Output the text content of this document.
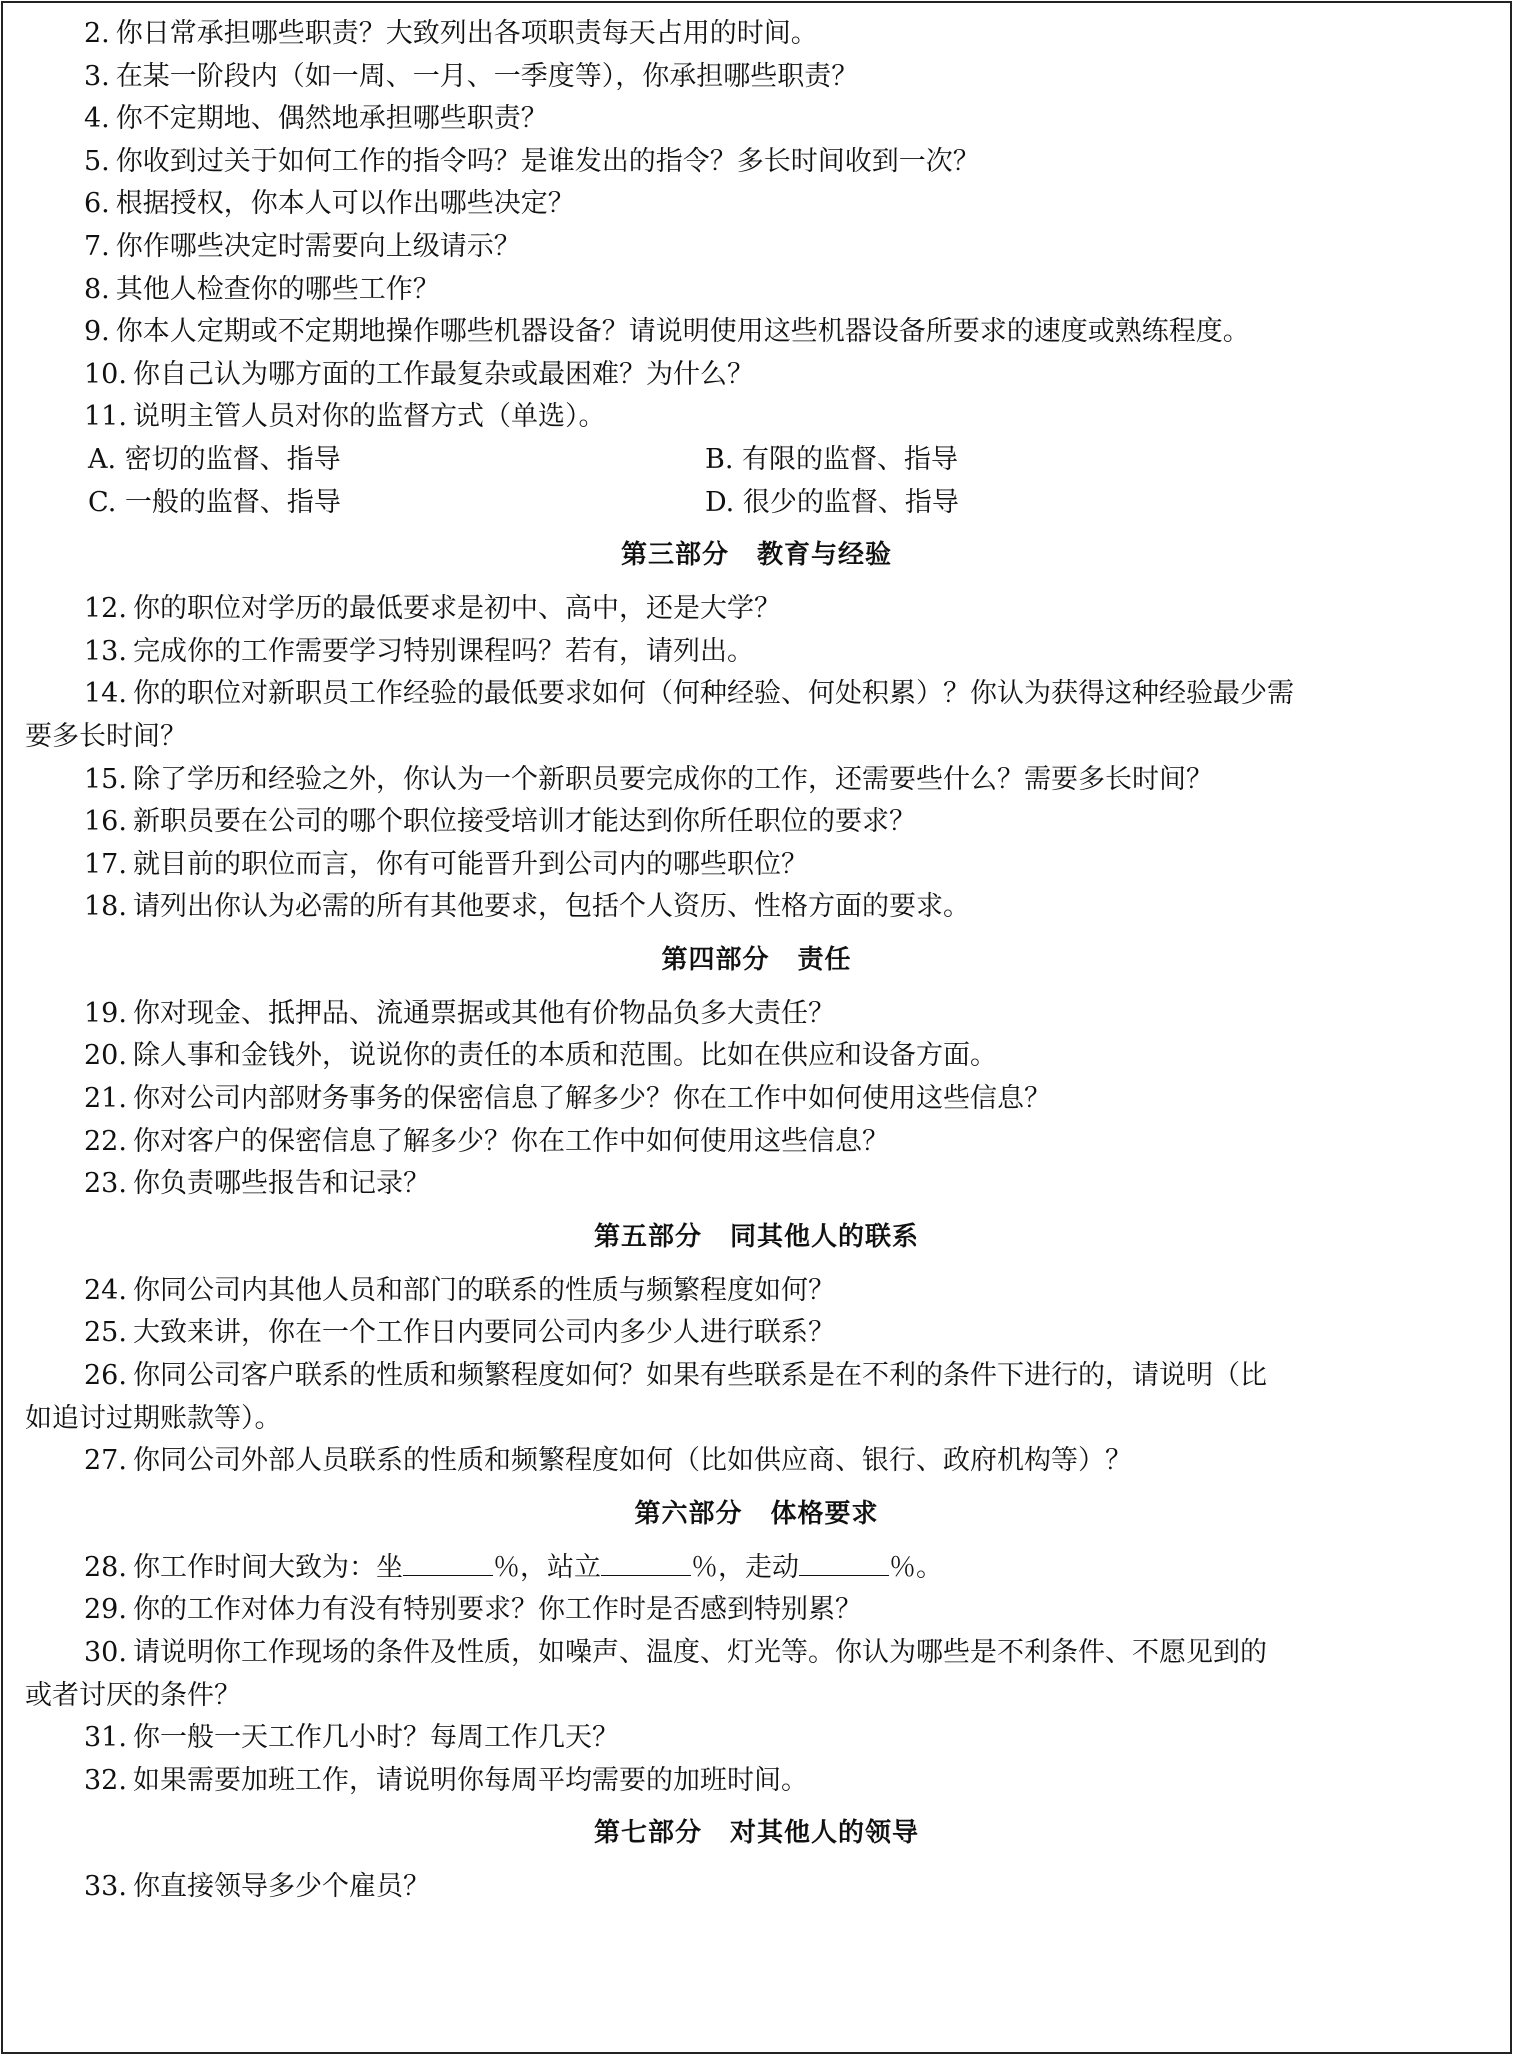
2. 你日常承担哪些职责？大致列出各项职责每天占用的时间。
3. 在某一阶段内（如一周、一月、一季度等），你承担哪些职责？
4. 你不定期地、偶然地承担哪些职责？
5. 你收到过关于如何工作的指令吗？是谁发出的指令？多长时间收到一次？
6. 根据授权，你本人可以作出哪些决定？
7. 你作哪些决定时需要向上级请示？
8. 其他人检查你的哪些工作？
9. 你本人定期或不定期地操作哪些机器设备？请说明使用这些机器设备所要求的速度或熟练程度。
10. 你自己认为哪方面的工作最复杂或最困难？为什么？
11. 说明主管人员对你的监督方式（单选）。
A. 密切的监督、指导	B. 有限的监督、指导
C. 一般的监督、指导	D. 很少的监督、指导
第三部分 教育与经验
12. 你的职位对学历的最低要求是初中、高中，还是大学？
13. 完成你的工作需要学习特别课程吗？若有，请列出。
14. 你的职位对新职员工作经验的最低要求如何（何种经验、何处积累）？你认为获得这种经验最少需
要多长时间？
15. 除了学历和经验之外，你认为一个新职员要完成你的工作，还需要些什么？需要多长时间？
16. 新职员要在公司的哪个职位接受培训才能达到你所任职位的要求？
17. 就目前的职位而言，你有可能晋升到公司内的哪些职位？
18. 请列出你认为必需的所有其他要求，包括个人资历、性格方面的要求。
第四部分 责任
19. 你对现金、抵押品、流通票据或其他有价物品负多大责任？
20. 除人事和金钱外，说说你的责任的本质和范围。比如在供应和设备方面。
21. 你对公司内部财务事务的保密信息了解多少？你在工作中如何使用这些信息？
22. 你对客户的保密信息了解多少？你在工作中如何使用这些信息？
23. 你负责哪些报告和记录？
第五部分 同其他人的联系
24. 你同公司内其他人员和部门的联系的性质与频繁程度如何？
25. 大致来讲，你在一个工作日内要同公司内多少人进行联系？
26. 你同公司客户联系的性质和频繁程度如何？如果有些联系是在不利的条件下进行的，请说明（比
如追讨过期账款等）。
27. 你同公司外部人员联系的性质和频繁程度如何（比如供应商、银行、政府机构等）？
第六部分 体格要求
28. 你工作时间大致为：坐	％，站立	％，走动	％。
29. 你的工作对体力有没有特别要求？你工作时是否感到特别累？
30. 请说明你工作现场的条件及性质，如噪声、温度、灯光等。你认为哪些是不利条件、不愿见到的
或者讨厌的条件？
31. 你一般一天工作几小时？每周工作几天？
32. 如果需要加班工作，请说明你每周平均需要的加班时间。
第七部分 对其他人的领导
33. 你直接领导多少个雇员？
